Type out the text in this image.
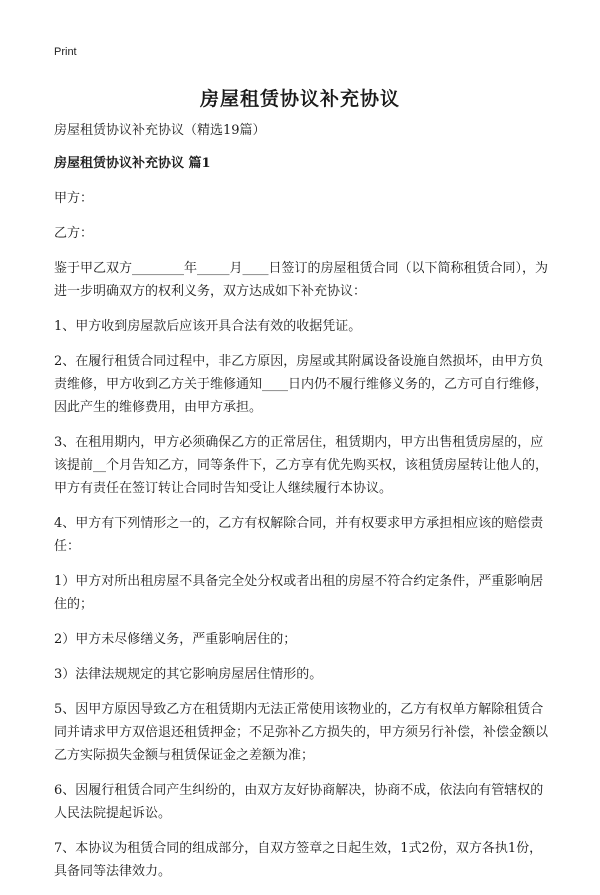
Print
房屋租赁协议补充协议

房屋租赁协议补充协议（精选19篇）

房屋租赁协议补充协议 篇1

甲方：

乙方：

鉴于甲乙双方________年_____月____日签订的房屋租赁合同（以下简称租赁合同），为进一步明确双方的权利义务，双方达成如下补充协议：

1、甲方收到房屋款后应该开具合法有效的收据凭证。

2、在履行租赁合同过程中，非乙方原因，房屋或其附属设备设施自然损坏，由甲方负责维修，甲方收到乙方关于维修通知____日内仍不履行维修义务的，乙方可自行维修，因此产生的维修费用，由甲方承担。

3、在租用期内，甲方必须确保乙方的正常居住，租赁期内，甲方出售租赁房屋的，应该提前__个月告知乙方，同等条件下，乙方享有优先购买权，该租赁房屋转让他人的，甲方有责任在签订转让合同时告知受让人继续履行本协议。

4、甲方有下列情形之一的，乙方有权解除合同，并有权要求甲方承担相应该的赔偿责任：

1）甲方对所出租房屋不具备完全处分权或者出租的房屋不符合约定条件，严重影响居住的；

2）甲方未尽修缮义务，严重影响居住的；

3）法律法规规定的其它影响房屋居住情形的。

5、因甲方原因导致乙方在租赁期内无法正常使用该物业的，乙方有权单方解除租赁合同并请求甲方双倍退还租赁押金；不足弥补乙方损失的，甲方须另行补偿，补偿金额以乙方实际损失金额与租赁保证金之差额为准；

6、因履行租赁合同产生纠纷的，由双方友好协商解决，协商不成，依法向有管辖权的人民法院提起诉讼。

7、本协议为租赁合同的组成部分，自双方签章之日起生效，1式2份，双方各执1份，具备同等法律效力。
